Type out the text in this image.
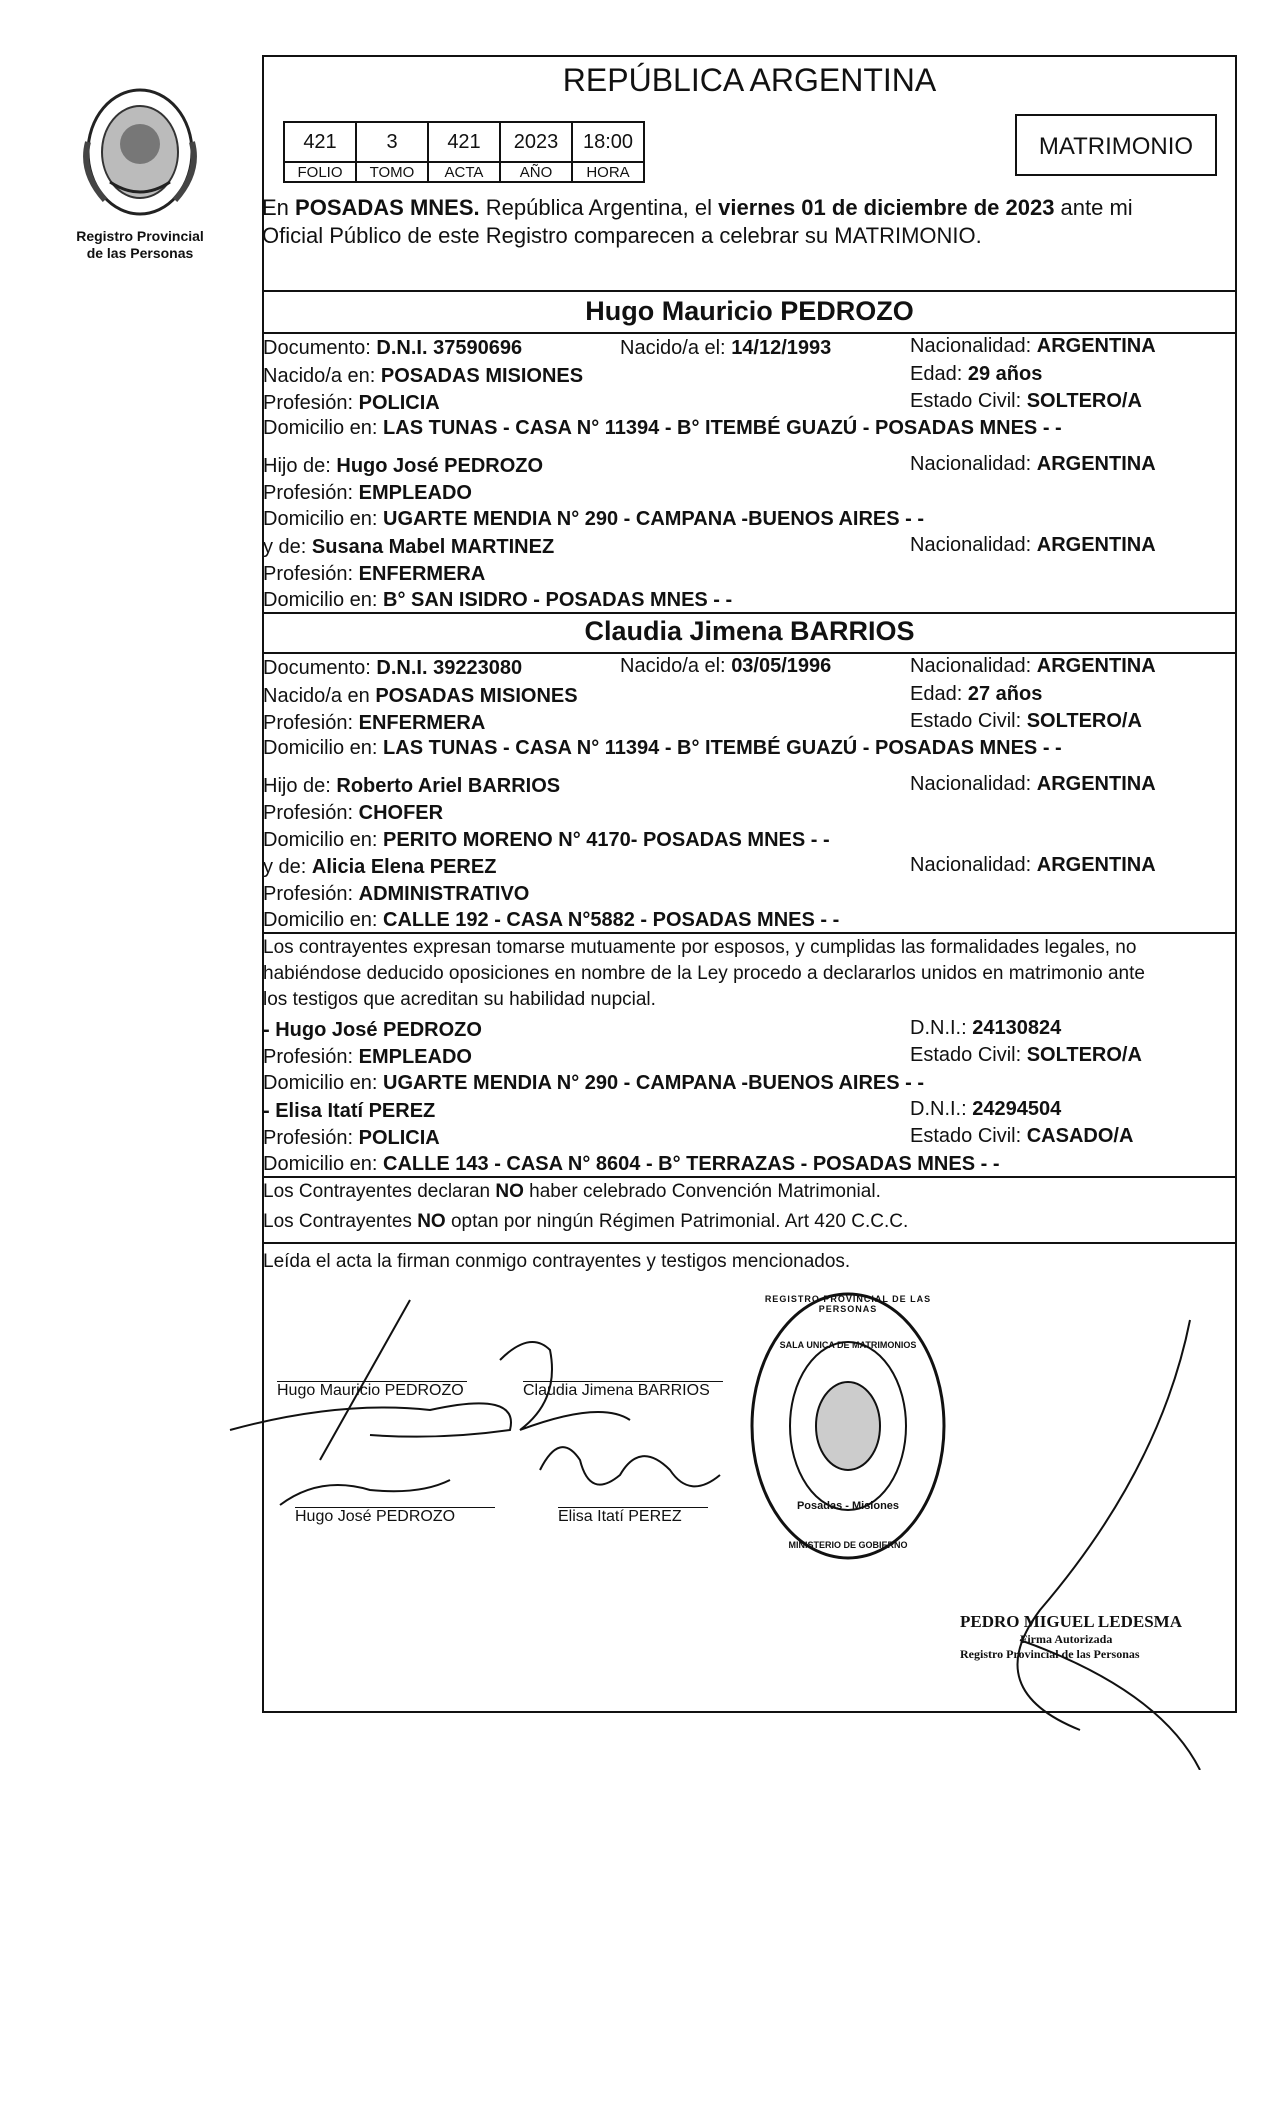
Registro Provincial
de las Personas
REPÚBLICA ARGENTINA
421	3	421	2023	18:00
FOLIO	TOMO	ACTA	AÑO	HORA
MATRIMONIO
En POSADAS MNES. República Argentina, el viernes 01 de diciembre de 2023 ante mi
Oficial Público de este Registro comparecen a celebrar su MATRIMONIO.
Hugo Mauricio PEDROZO
Documento: D.N.I. 37590696	Nacido/a el: 14/12/1993	Nacionalidad: ARGENTINA
Nacido/a en: POSADAS MISIONES	Edad: 29 años
Profesión: POLICIA	Estado Civil: SOLTERO/A
Domicilio en: LAS TUNAS - CASA N° 11394 - B° ITEMBÉ GUAZÚ - POSADAS MNES - -
Hijo de: Hugo José PEDROZO	Nacionalidad: ARGENTINA
Profesión: EMPLEADO
Domicilio en: UGARTE MENDIA N° 290 - CAMPANA -BUENOS AIRES - -
y de: Susana Mabel MARTINEZ	Nacionalidad: ARGENTINA
Profesión: ENFERMERA
Domicilio en: B° SAN ISIDRO - POSADAS MNES - -
Claudia Jimena BARRIOS
Documento: D.N.I. 39223080	Nacido/a el: 03/05/1996	Nacionalidad: ARGENTINA
Nacido/a en POSADAS MISIONES	Edad: 27 años
Profesión: ENFERMERA	Estado Civil: SOLTERO/A
Domicilio en: LAS TUNAS - CASA N° 11394 - B° ITEMBÉ GUAZÚ - POSADAS MNES - -
Hijo de: Roberto Ariel BARRIOS	Nacionalidad: ARGENTINA
Profesión: CHOFER
Domicilio en: PERITO MORENO N° 4170- POSADAS MNES - -
y de: Alicia Elena PEREZ	Nacionalidad: ARGENTINA
Profesión: ADMINISTRATIVO
Domicilio en: CALLE 192 - CASA N°5882 - POSADAS MNES - -
Los contrayentes expresan tomarse mutuamente por esposos, y cumplidas las formalidades legales, no
habiéndose deducido oposiciones en nombre de la Ley procedo a declararlos unidos en matrimonio ante
los testigos que acreditan su habilidad nupcial.
- Hugo José PEDROZO	D.N.I.: 24130824
Profesión: EMPLEADO	Estado Civil: SOLTERO/A
Domicilio en: UGARTE MENDIA N° 290 - CAMPANA -BUENOS AIRES - -
- Elisa Itatí PEREZ	D.N.I.: 24294504
Profesión: POLICIA	Estado Civil: CASADO/A
Domicilio en: CALLE 143 - CASA N° 8604 - B° TERRAZAS - POSADAS MNES - -
Los Contrayentes declaran NO haber celebrado Convención Matrimonial.
Los Contrayentes NO optan por ningún Régimen Patrimonial. Art 420 C.C.C.
Leída el acta la firman conmigo contrayentes y testigos mencionados.
Hugo Mauricio PEDROZO	Claudia Jimena BARRIOS
Hugo José PEDROZO	Elisa Itatí PEREZ
REGISTRO PROVINCIAL DE LAS PERSONAS
SALA UNICA DE MATRIMONIOS
Posadas - Misiones
MINISTERIO DE GOBIERNO
PEDRO MIGUEL LEDESMA
Firma Autorizada
Registro Provincial de las Personas
